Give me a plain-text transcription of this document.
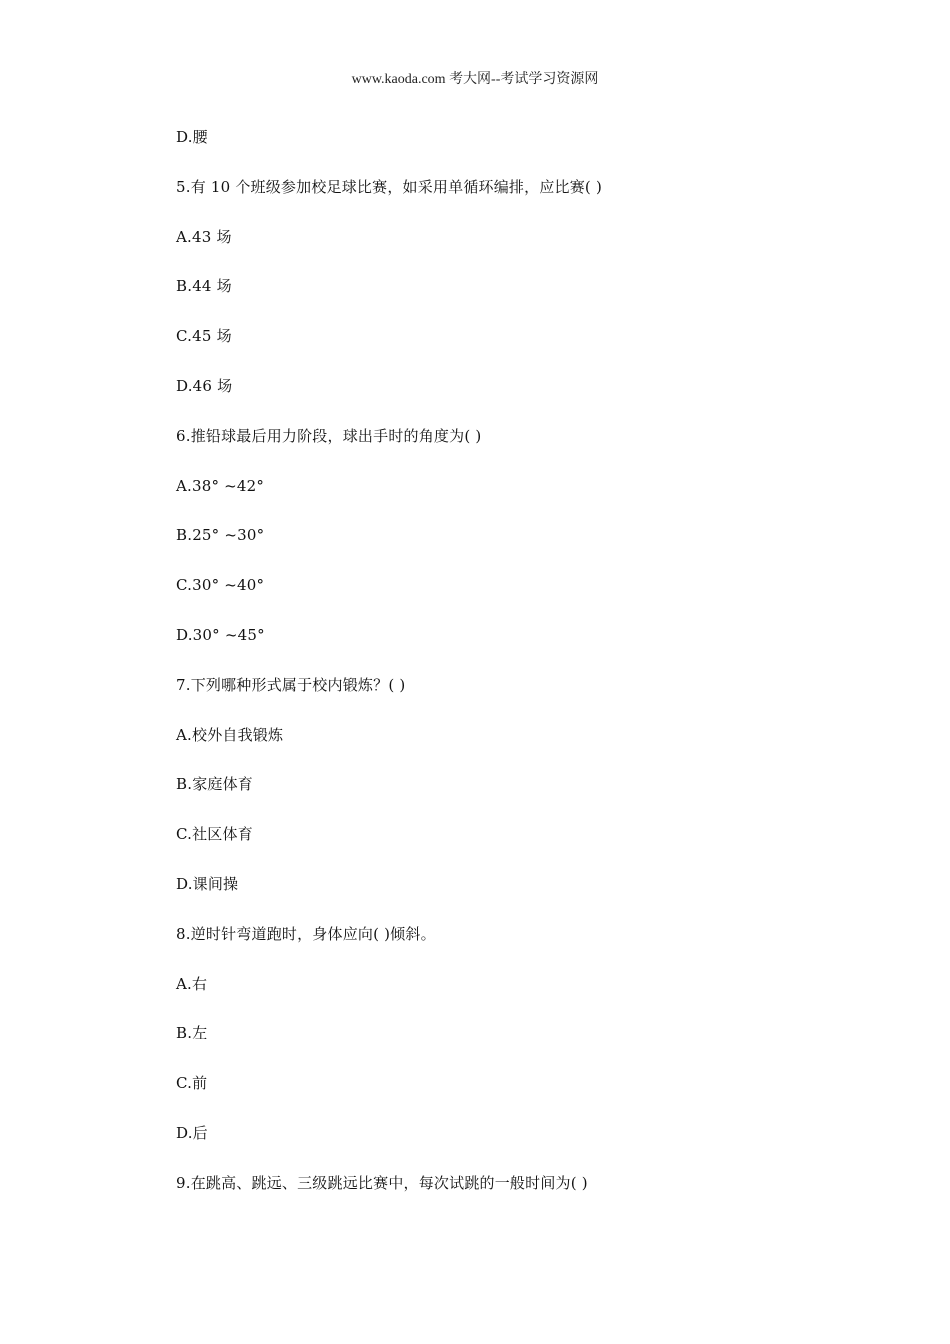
www.kaoda.com 考大网--考试学习资源网
D.腰
5.有 10 个班级参加校足球比赛，如采用单循环编排，应比赛( )
A.43 场
B.44 场
C.45 场
D.46 场
6.推铅球最后用力阶段，球出手时的角度为( )
A.38° ~42°
B.25° ~30°
C.30° ~40°
D.30° ~45°
7.下列哪种形式属于校内锻炼？( )
A.校外自我锻炼
B.家庭体育
C.社区体育
D.课间操
8.逆时针弯道跑时，身体应向( )倾斜。
A.右
B.左
C.前
D.后
9.在跳高、跳远、三级跳远比赛中，每次试跳的一般时间为( )
